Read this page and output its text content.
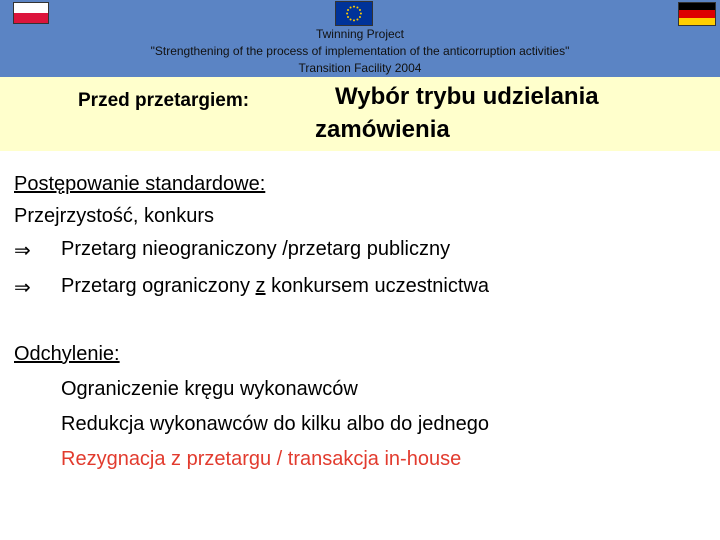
Twinning Project
"Strengthening of the process of implementation of the anticorruption activities"
Transition Facility 2004
Przed przetargiem:	Wybór trybu udzielania
zamówienia
Postępowanie standardowe:
Przejrzystość, konkurs
⇒ Przetarg nieograniczony /przetarg publiczny
⇒ Przetarg ograniczony z konkursem uczestnictwa
Odchylenie:
Ograniczenie kręgu wykonawców
Redukcja wykonawców do kilku albo do jednego
Rezygnacja z przetargu / transakcja in-house
